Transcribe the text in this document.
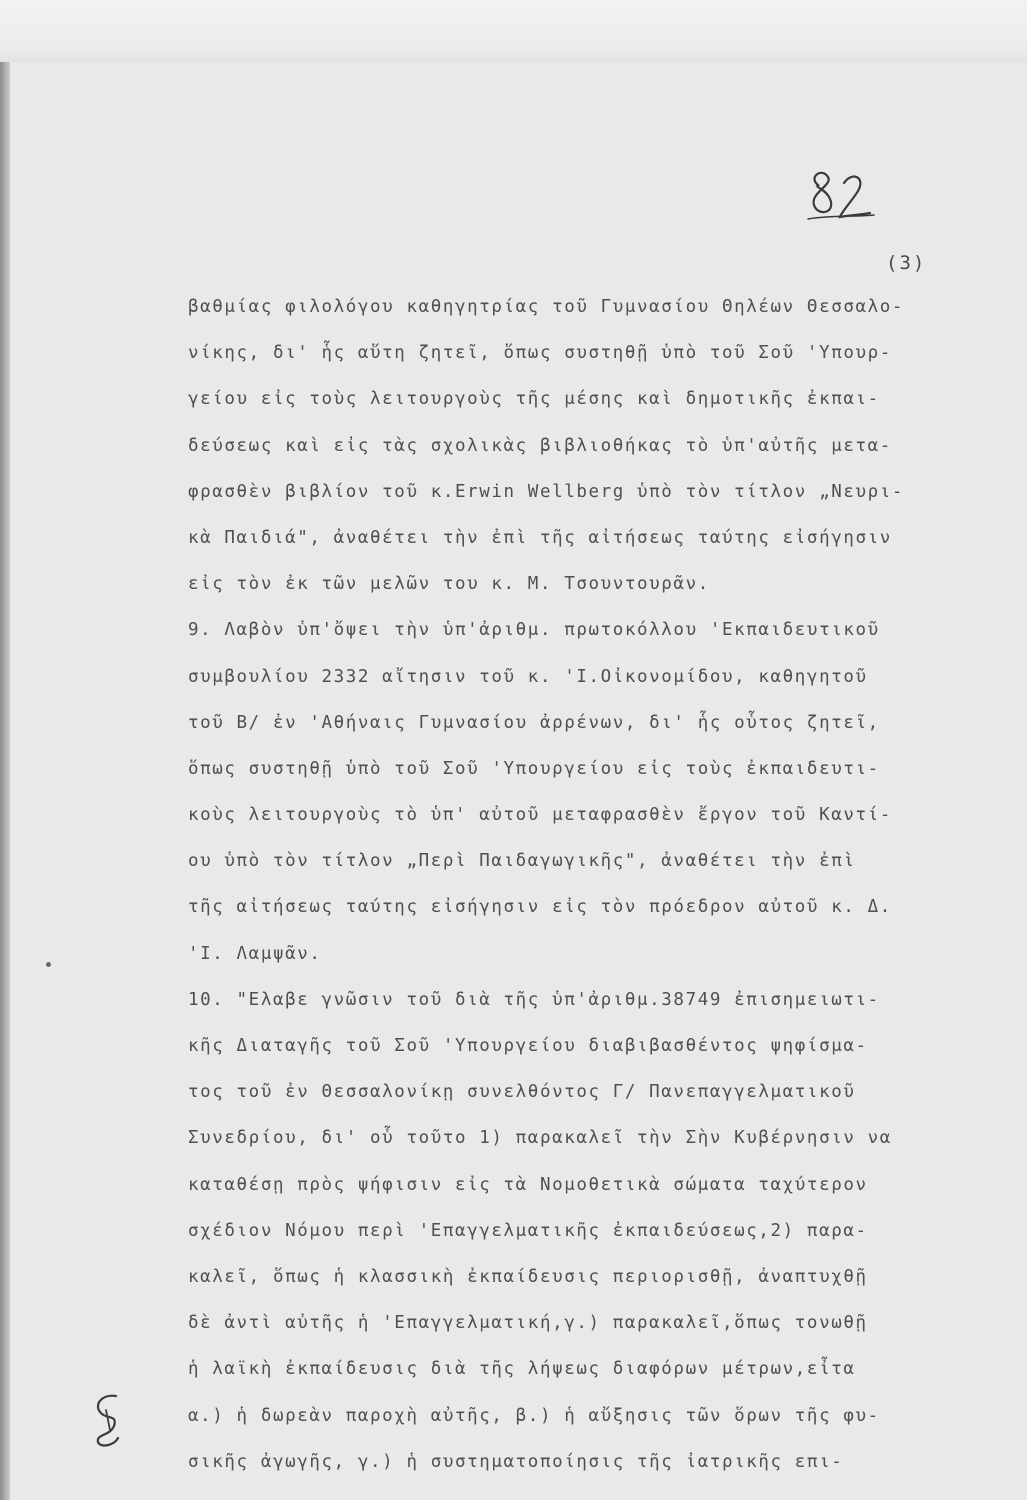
(3)
βαθμίας φιλολόγου καθηγητρίας τοῦ Γυμνασίου Θηλέων Θεσσαλο-
νίκης, δι' ἧς αὕτη ζητεῖ, ὅπως συστηθῇ ὑπὸ τοῦ Σοῦ 'Υπουρ-
γείου εἰς τοὺς λειτουργοὺς τῆς μέσης καὶ δημοτικῆς ἐκπαι-
δεύσεως καὶ εἰς τὰς σχολικὰς βιβλιοθήκας τὸ ὑπ'αὐτῆς μετα-
φρασθὲν βιβλίον τοῦ κ.Erwin Wellberg ὑπὸ τὸν τίτλον „Νευρι-
κὰ Παιδιά", ἀναθέτει τὴν ἐπὶ τῆς αἰτήσεως ταύτης εἰσήγησιν
εἰς τὸν ἐκ τῶν μελῶν του κ. Μ. Τσουντουρᾶν.
9. Λαβὸν ὑπ'ὄψει τὴν ὑπ'ἀριθμ. πρωτοκόλλου 'Εκπαιδευτικοῦ
συμβουλίου 2332 αἴτησιν τοῦ κ. 'Ι.Οἰκονομίδου, καθηγητοῦ
τοῦ Β/ ἐν 'Αθήναις Γυμνασίου ἀρρένων, δι' ἧς οὗτος ζητεῖ,
ὅπως συστηθῇ ὑπὸ τοῦ Σοῦ 'Υπουργείου εἰς τοὺς ἐκπαιδευτι-
κοὺς λειτουργοὺς τὸ ὑπ' αὐτοῦ μεταφρασθὲν ἔργον τοῦ Καντί-
ου ὑπὸ τὸν τίτλον „Περὶ Παιδαγωγικῆς", ἀναθέτει τὴν ἐπὶ
τῆς αἰτήσεως ταύτης εἰσήγησιν εἰς τὸν πρόεδρον αὐτοῦ κ. Δ.
'Ι. Λαμψᾶν.
10. "Ελαβε γνῶσιν τοῦ διὰ τῆς ὑπ'ἀριθμ.38749 ἐπισημειωτι-
κῆς Διαταγῆς τοῦ Σοῦ 'Υπουργείου διαβιβασθέντος ψηφίσμα-
τος τοῦ ἐν Θεσσαλονίκῃ συνελθόντος Γ/ Πανεπαγγελματικοῦ
Συνεδρίου, δι' οὗ τοῦτο 1) παρακαλεῖ τὴν Σὴν Κυβέρνησιν να
καταθέσῃ πρὸς ψήφισιν εἰς τὰ Νομοθετικὰ σώματα ταχύτερον
σχέδιον Νόμου περὶ 'Επαγγελματικῆς ἐκπαιδεύσεως,2) παρα-
καλεῖ, ὅπως ἡ κλασσικὴ ἐκπαίδευσις περιορισθῇ, ἀναπτυχθῇ
δὲ ἀντὶ αὐτῆς ἡ 'Επαγγελματική,γ.) παρακαλεῖ,ὅπως τονωθῇ
ἡ λαϊκὴ ἐκπαίδευσις διὰ τῆς λήψεως διαφόρων μέτρων,εἶτα
α.) ἡ δωρεὰν παροχὴ αὐτῆς, β.) ἡ αὔξησις τῶν ὅρων τῆς φυ-
σικῆς ἀγωγῆς, γ.) ἡ συστηματοποίησις τῆς ἰατρικῆς επι-
